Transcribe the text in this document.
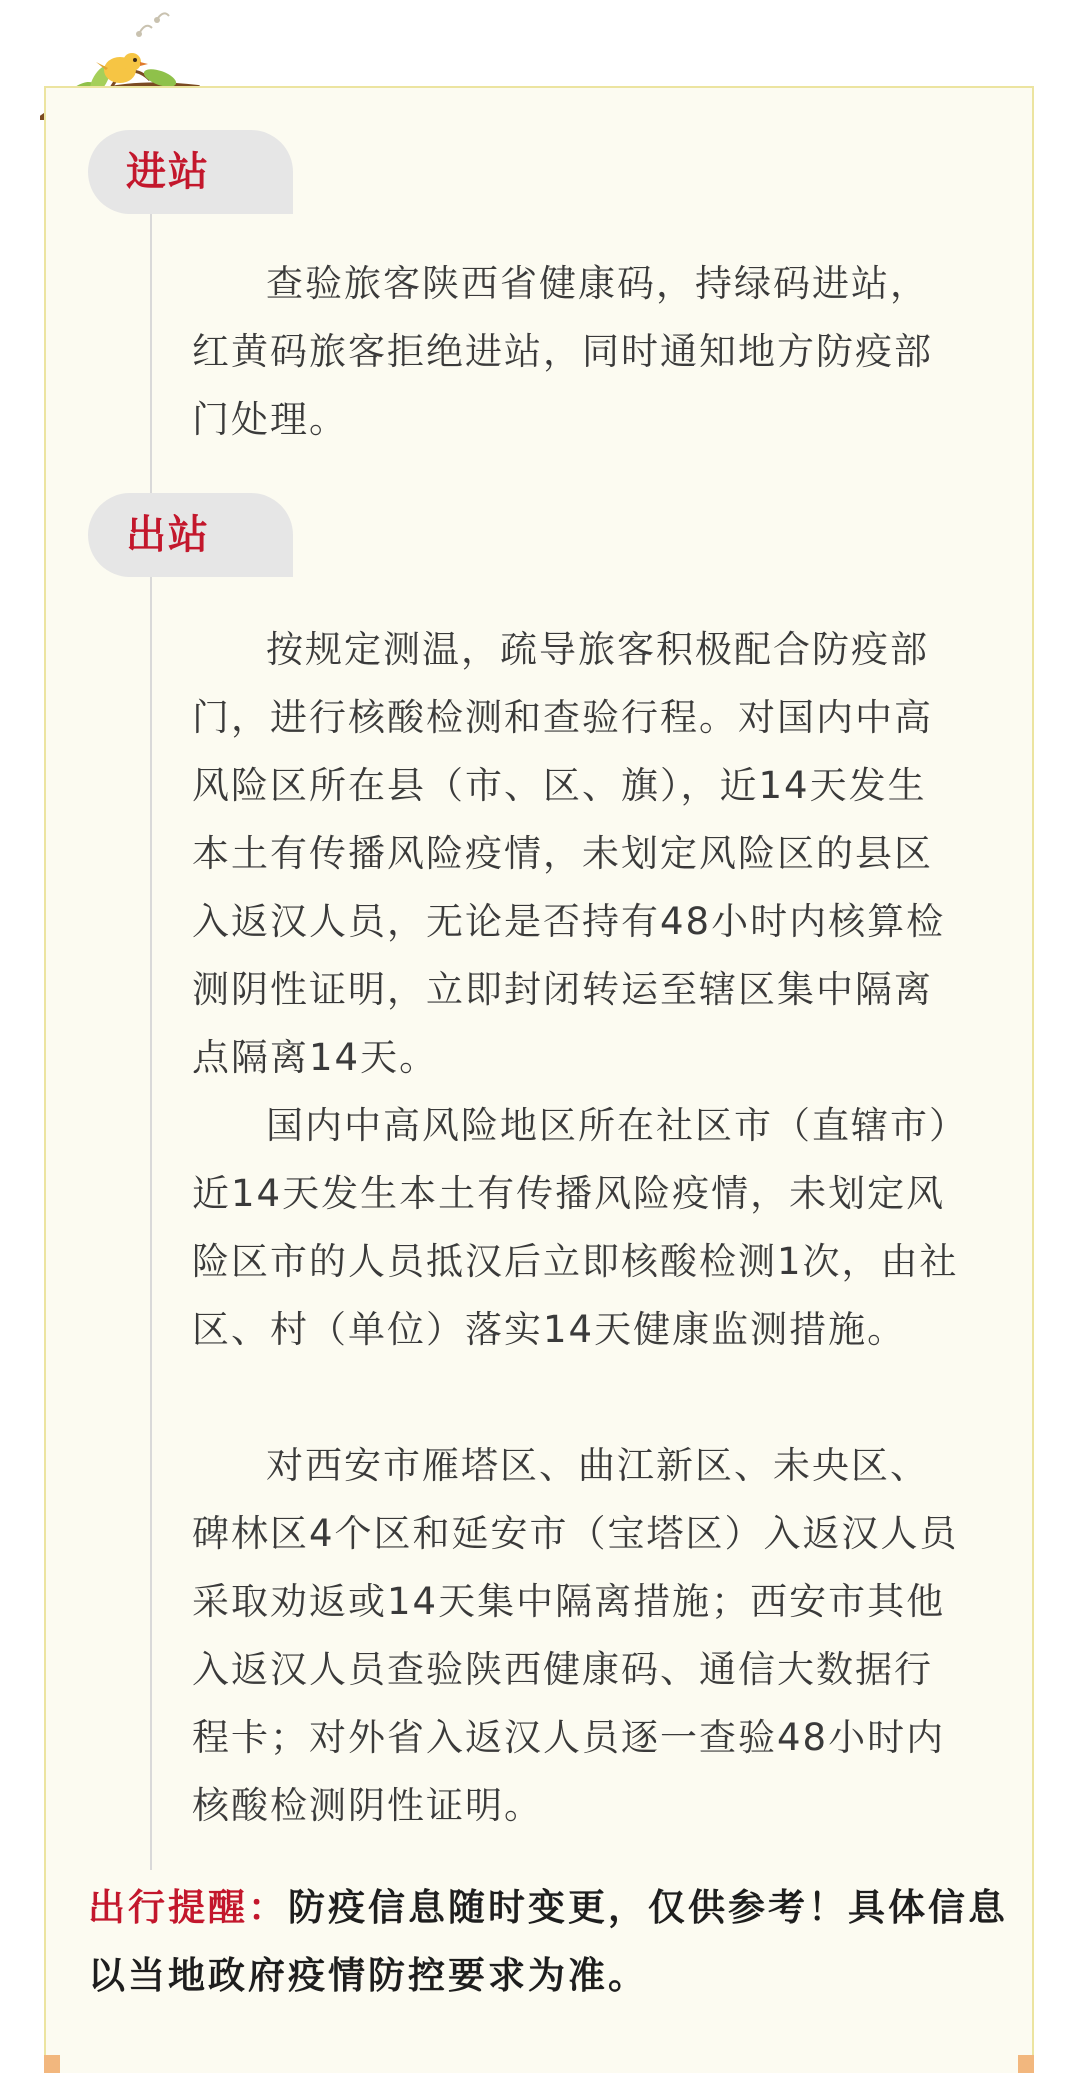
进站

查验旅客陕西省健康码，持绿码进站，红黄码旅客拒绝进站，同时通知地方防疫部门处理。

出站

按规定测温，疏导旅客积极配合防疫部门，进行核酸检测和查验行程。对国内中高风险区所在县（市、区、旗），近14天发生本土有传播风险疫情，未划定风险区的县区入返汉人员，无论是否持有48小时内核算检测阴性证明，立即封闭转运至辖区集中隔离点隔离14天。

国内中高风险地区所在社区市（直辖市）近14天发生本土有传播风险疫情，未划定风险区市的人员抵汉后立即核酸检测1次，由社区、村（单位）落实14天健康监测措施。

对西安市雁塔区、曲江新区、未央区、碑林区4个区和延安市（宝塔区）入返汉人员采取劝返或14天集中隔离措施；西安市其他入返汉人员查验陕西健康码、通信大数据行程卡；对外省入返汉人员逐一查验48小时内核酸检测阴性证明。

出行提醒：防疫信息随时变更，仅供参考！具体信息以当地政府疫情防控要求为准。
